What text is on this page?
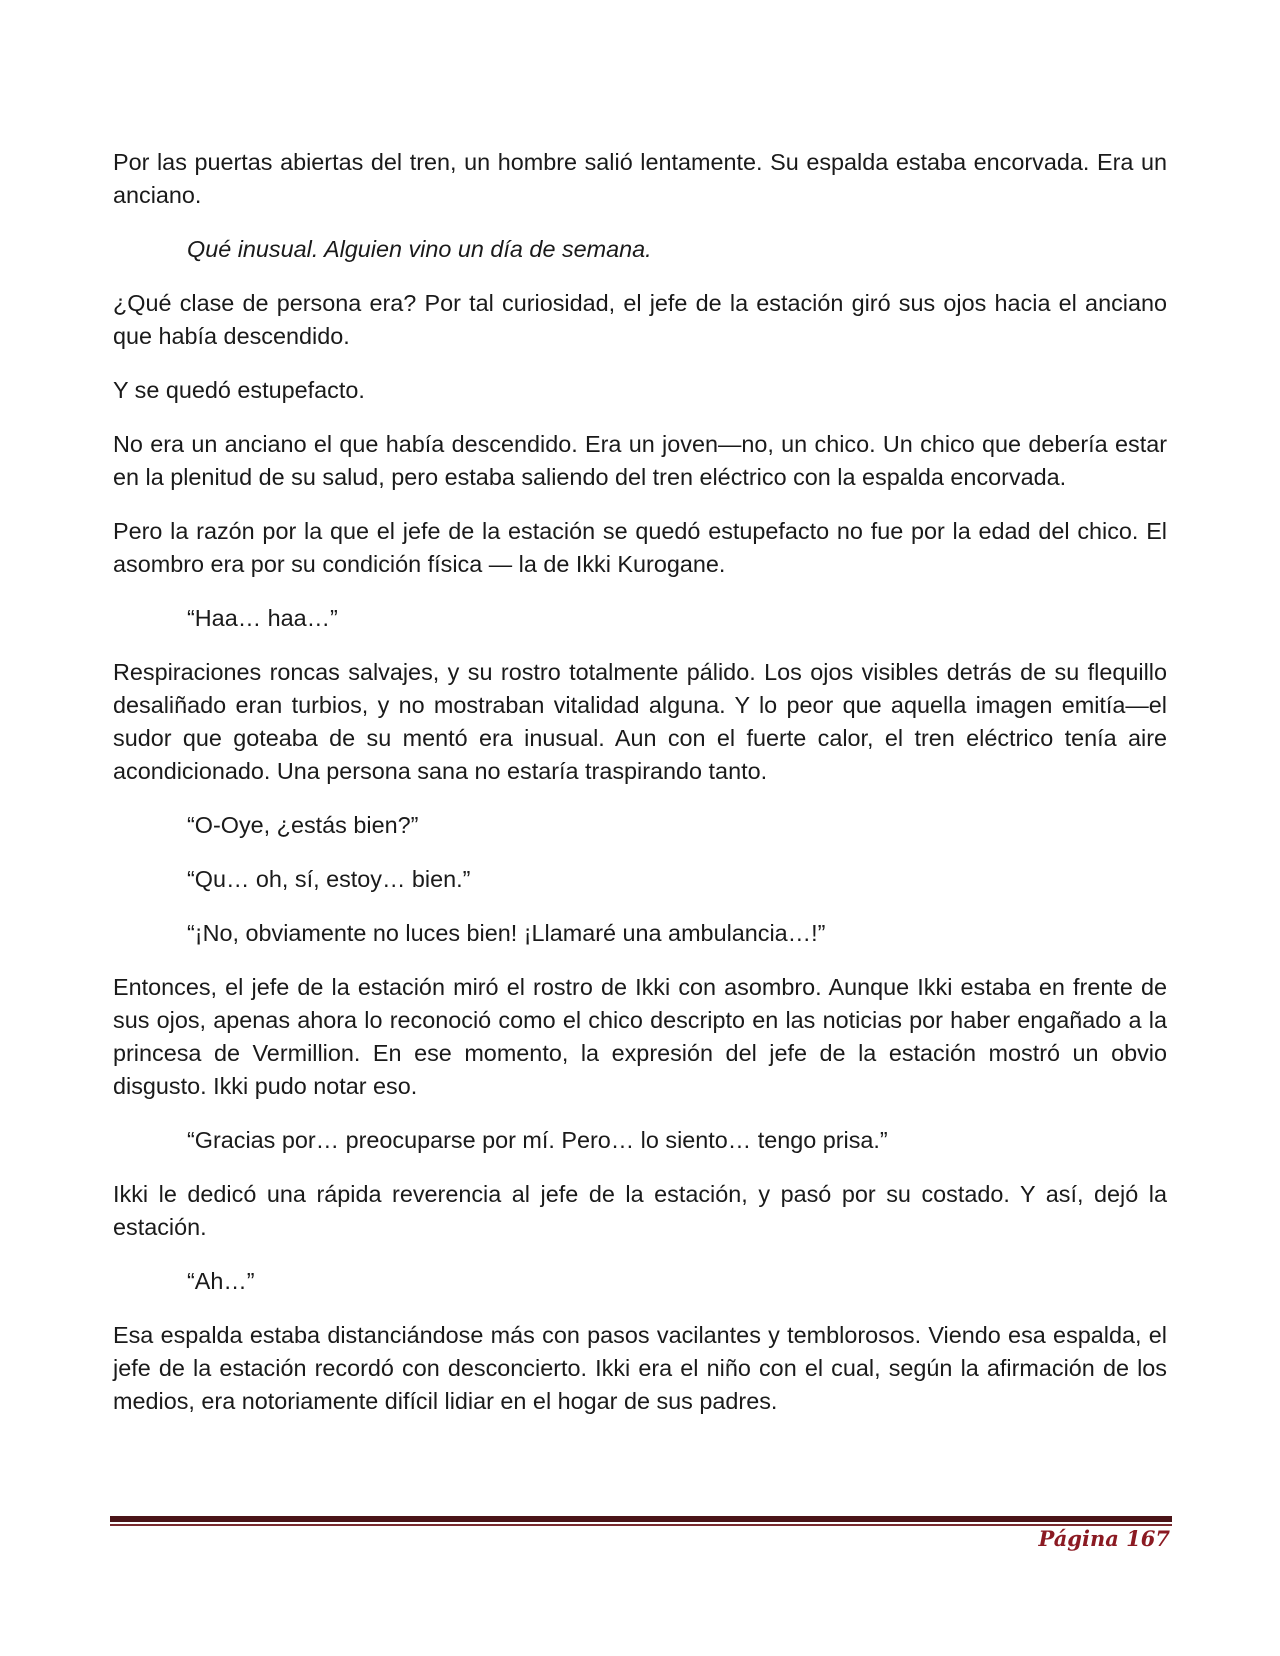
Por las puertas abiertas del tren, un hombre salió lentamente. Su espalda estaba encorvada. Era un anciano.

Qué inusual. Alguien vino un día de semana.

¿Qué clase de persona era? Por tal curiosidad, el jefe de la estación giró sus ojos hacia el anciano que había descendido.

Y se quedó estupefacto.

No era un anciano el que había descendido. Era un joven—no, un chico. Un chico que debería estar en la plenitud de su salud, pero estaba saliendo del tren eléctrico con la espalda encorvada.

Pero la razón por la que el jefe de la estación se quedó estupefacto no fue por la edad del chico. El asombro era por su condición física — la de Ikki Kurogane.

“Haa… haa…”

Respiraciones roncas salvajes, y su rostro totalmente pálido. Los ojos visibles detrás de su flequillo desaliñado eran turbios, y no mostraban vitalidad alguna. Y lo peor que aquella imagen emitía—el sudor que goteaba de su mentó era inusual. Aun con el fuerte calor, el tren eléctrico tenía aire acondicionado. Una persona sana no estaría traspirando tanto.

“O-Oye, ¿estás bien?”

“Qu… oh, sí, estoy… bien.”

“¡No, obviamente no luces bien! ¡Llamaré una ambulancia…!”

Entonces, el jefe de la estación miró el rostro de Ikki con asombro. Aunque Ikki estaba en frente de sus ojos, apenas ahora lo reconoció como el chico descripto en las noticias por haber engañado a la princesa de Vermillion. En ese momento, la expresión del jefe de la estación mostró un obvio disgusto. Ikki pudo notar eso.

“Gracias por… preocuparse por mí. Pero… lo siento… tengo prisa.”

Ikki le dedicó una rápida reverencia al jefe de la estación, y pasó por su costado. Y así, dejó la estación.

“Ah…”

Esa espalda estaba distanciándose más con pasos vacilantes y temblorosos. Viendo esa espalda, el jefe de la estación recordó con desconcierto. Ikki era el niño con el cual, según la afirmación de los medios, era notoriamente difícil lidiar en el hogar de sus padres.

Página 167
